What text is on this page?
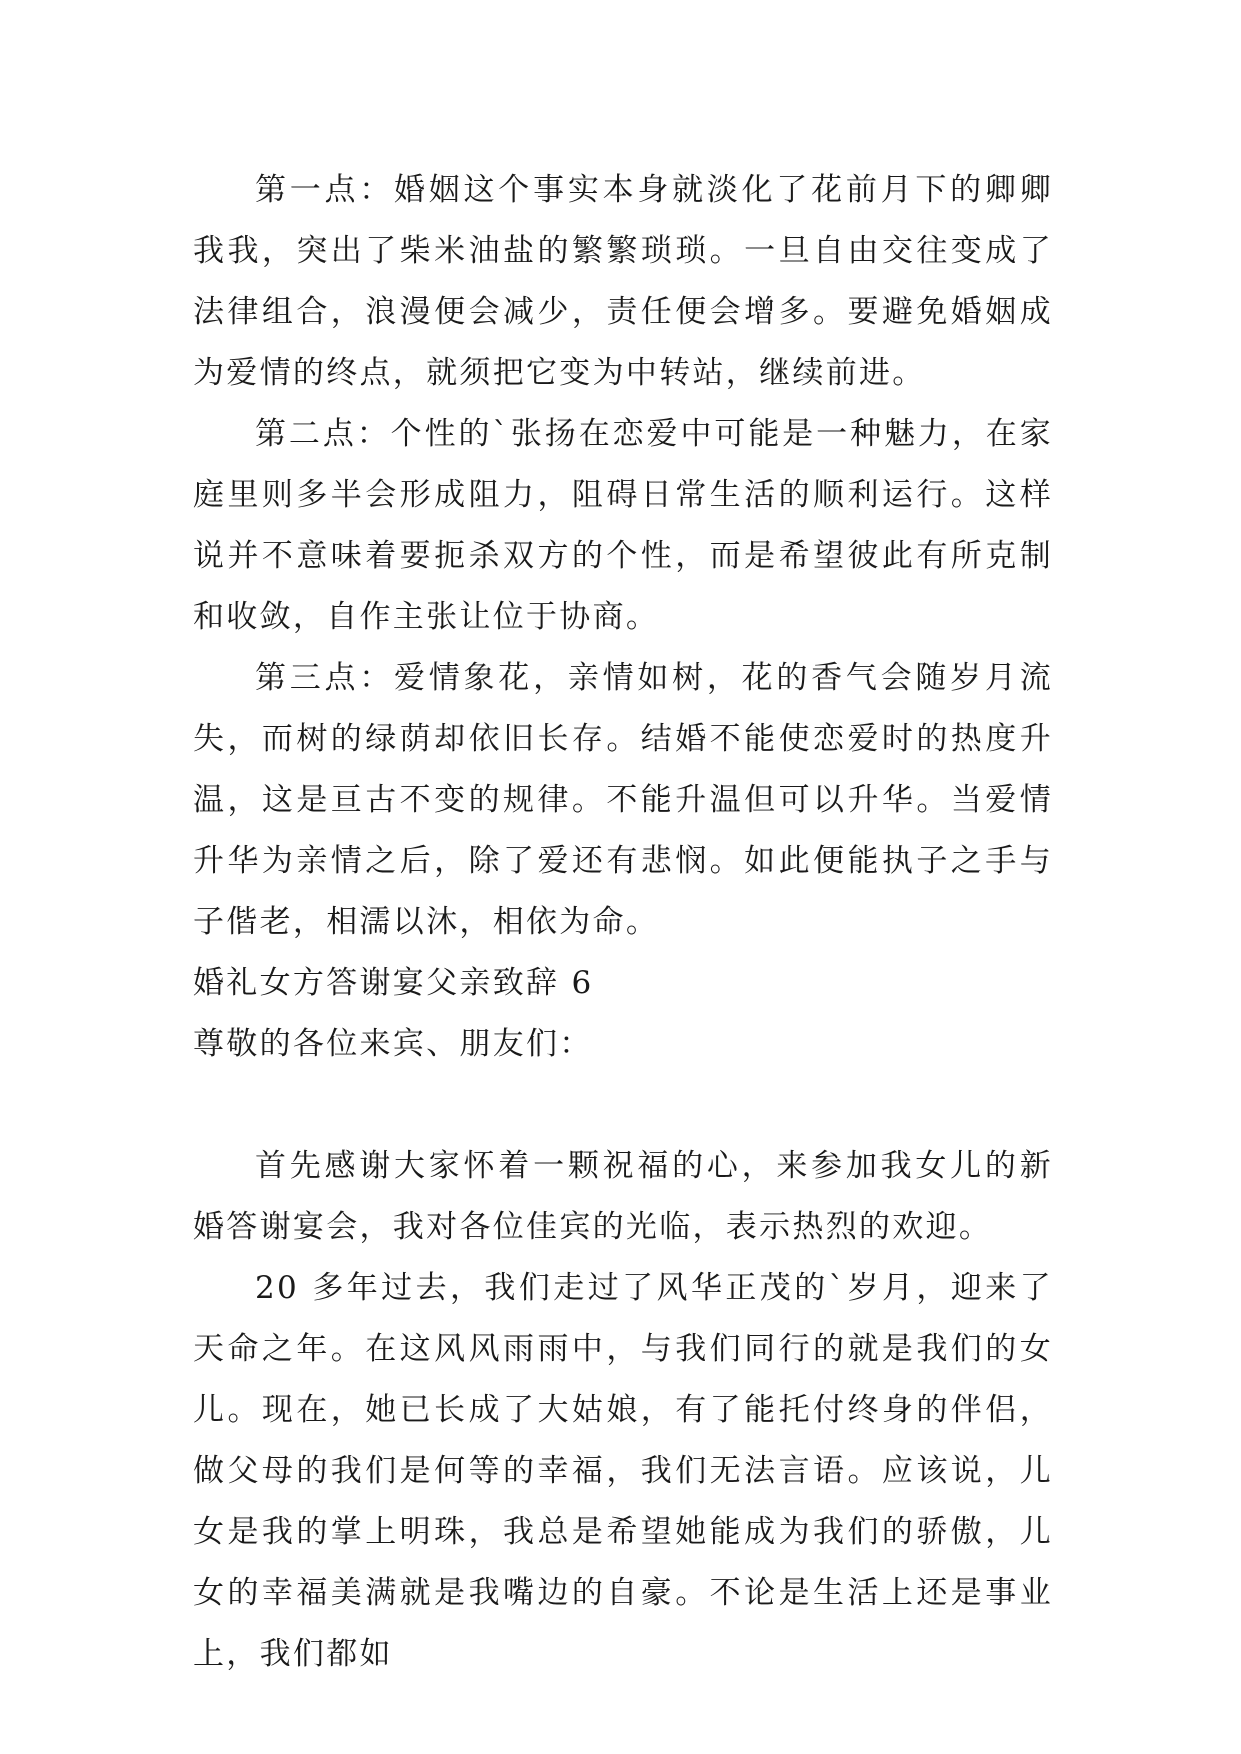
第一点：婚姻这个事实本身就淡化了花前月下的卿卿我我，突出了柴米油盐的繁繁琐琐。一旦自由交往变成了法律组合，浪漫便会减少，责任便会增多。要避免婚姻成为爱情的终点，就须把它变为中转站，继续前进。

第二点：个性的`张扬在恋爱中可能是一种魅力，在家庭里则多半会形成阻力，阻碍日常生活的顺利运行。这样说并不意味着要扼杀双方的个性，而是希望彼此有所克制和收敛，自作主张让位于协商。

第三点：爱情象花，亲情如树，花的香气会随岁月流失，而树的绿荫却依旧长存。结婚不能使恋爱时的热度升温，这是亘古不变的规律。不能升温但可以升华。当爱情升华为亲情之后，除了爱还有悲悯。如此便能执子之手与子偕老，相濡以沐，相依为命。

婚礼女方答谢宴父亲致辞 6

尊敬的各位来宾、朋友们：

首先感谢大家怀着一颗祝福的心，来参加我女儿的新婚答谢宴会，我对各位佳宾的光临，表示热烈的欢迎。

20 多年过去，我们走过了风华正茂的`岁月，迎来了天命之年。在这风风雨雨中，与我们同行的就是我们的女儿。现在，她已长成了大姑娘，有了能托付终身的伴侣，做父母的我们是何等的幸福，我们无法言语。应该说，儿女是我的掌上明珠，我总是希望她能成为我们的骄傲，儿女的幸福美满就是我嘴边的自豪。不论是生活上还是事业上，我们都如
